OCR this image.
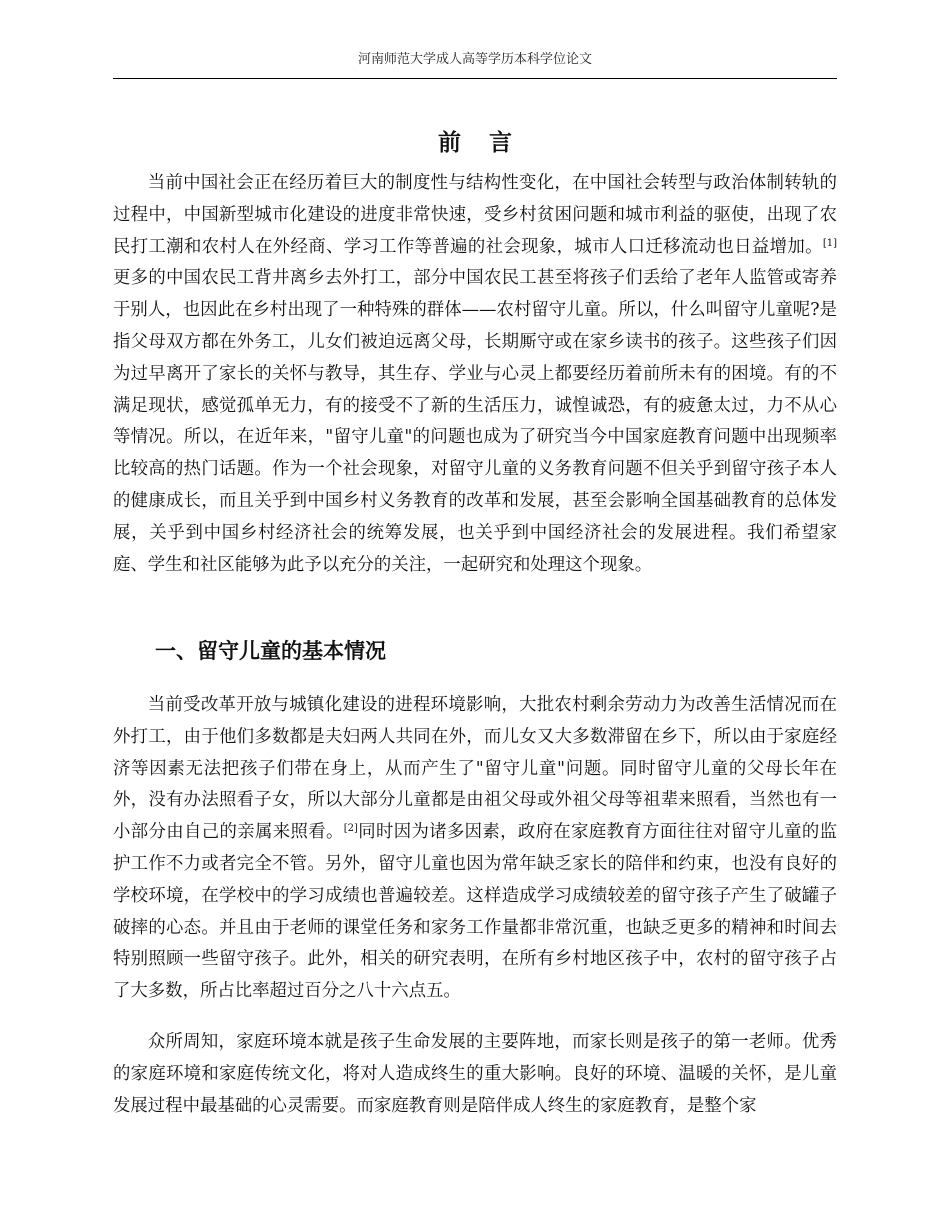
河南师范大学成人高等学历本科学位论文
前言

当前中国社会正在经历着巨大的制度性与结构性变化，在中国社会转型与政治体制转轨的过程中，中国新型城市化建设的进度非常快速，受乡村贫困问题和城市利益的驱使，出现了农民打工潮和农村人在外经商、学习工作等普遍的社会现象，城市人口迁移流动也日益增加。[1]更多的中国农民工背井离乡去外打工，部分中国农民工甚至将孩子们丢给了老年人监管或寄养于别人，也因此在乡村出现了一种特殊的群体——农村留守儿童。所以，什么叫留守儿童呢?是指父母双方都在外务工，儿女们被迫远离父母，长期厮守或在家乡读书的孩子。这些孩子们因为过早离开了家长的关怀与教导，其生存、学业与心灵上都要经历着前所未有的困境。有的不满足现状，感觉孤单无力，有的接受不了新的生活压力，诚惶诚恐，有的疲惫太过，力不从心等情况。所以，在近年来，"留守儿童"的问题也成为了研究当今中国家庭教育问题中出现频率比较高的热门话题。作为一个社会现象，对留守儿童的义务教育问题不但关乎到留守孩子本人的健康成长，而且关乎到中国乡村义务教育的改革和发展，甚至会影响全国基础教育的总体发展，关乎到中国乡村经济社会的统筹发展，也关乎到中国经济社会的发展进程。我们希望家庭、学生和社区能够为此予以充分的关注，一起研究和处理这个现象。

一、留守儿童的基本情况

当前受改革开放与城镇化建设的进程环境影响，大批农村剩余劳动力为改善生活情况而在外打工，由于他们多数都是夫妇两人共同在外，而儿女又大多数滞留在乡下，所以由于家庭经济等因素无法把孩子们带在身上，从而产生了"留守儿童"问题。同时留守儿童的父母长年在外，没有办法照看子女，所以大部分儿童都是由祖父母或外祖父母等祖辈来照看，当然也有一小部分由自己的亲属来照看。[2]同时因为诸多因素，政府在家庭教育方面往往对留守儿童的监护工作不力或者完全不管。另外，留守儿童也因为常年缺乏家长的陪伴和约束，也没有良好的学校环境，在学校中的学习成绩也普遍较差。这样造成学习成绩较差的留守孩子产生了破罐子破摔的心态。并且由于老师的课堂任务和家务工作量都非常沉重，也缺乏更多的精神和时间去特别照顾一些留守孩子。此外，相关的研究表明，在所有乡村地区孩子中，农村的留守孩子占了大多数，所占比率超过百分之八十六点五。

众所周知，家庭环境本就是孩子生命发展的主要阵地，而家长则是孩子的第一老师。优秀的家庭环境和家庭传统文化，将对人造成终生的重大影响。良好的环境、温暖的关怀，是儿童发展过程中最基础的心灵需要。而家庭教育则是陪伴成人终生的家庭教育，是整个家
